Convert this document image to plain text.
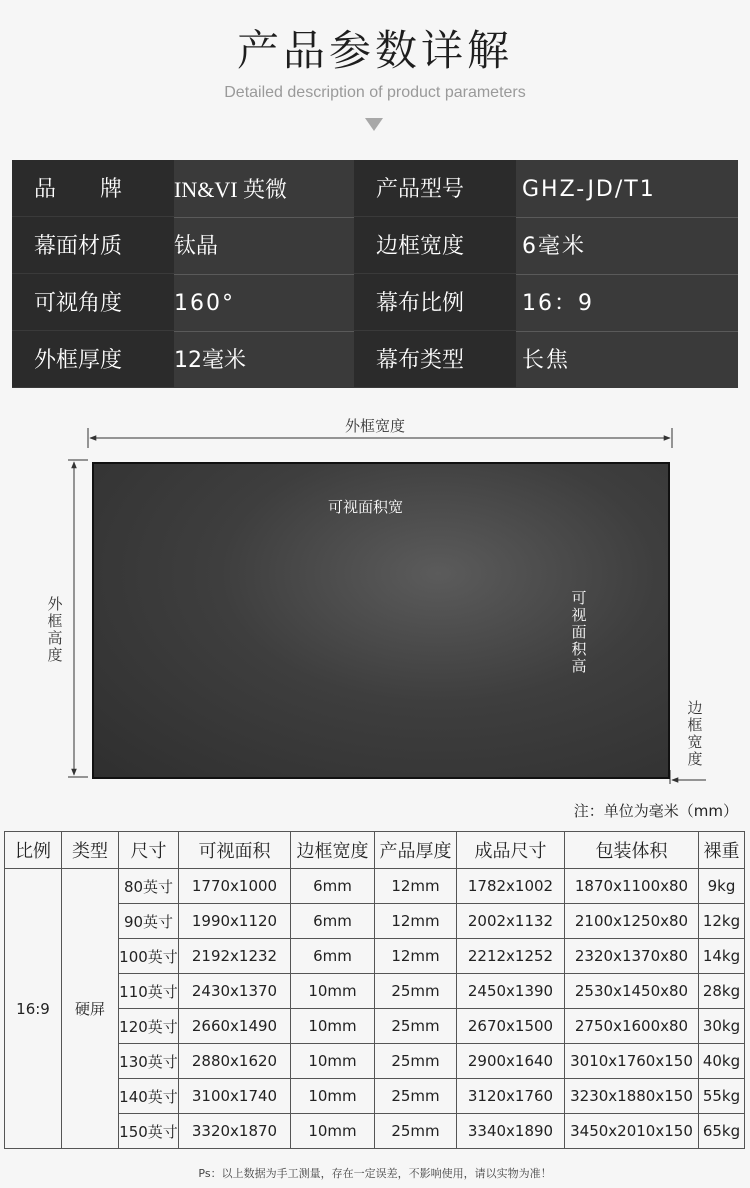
产品参数详解
Detailed description of product parameters
品　　牌	IN&VI 英微	产品型号	GHZ-JD/T1
幕面材质	钛晶	边框宽度	6毫米
可视角度	160°	幕布比例	16：9
外框厚度	12毫米	幕布类型	长焦
外框宽度
可视面积宽
外
框
高
度
可
视
面
积
高
边
框
宽
度
注：单位为毫米（mm）
比例	类型	尺寸	可视面积	边框宽度	产品厚度	成品尺寸	包装体积	裸重
16:9	硬屏	80英寸	1770x1000	6mm	12mm	1782x1002	1870x1100x80	9kg
		90英寸	1990x1120	6mm	12mm	2002x1132	2100x1250x80	12kg
		100英寸	2192x1232	6mm	12mm	2212x1252	2320x1370x80	14kg
		110英寸	2430x1370	10mm	25mm	2450x1390	2530x1450x80	28kg
		120英寸	2660x1490	10mm	25mm	2670x1500	2750x1600x80	30kg
		130英寸	2880x1620	10mm	25mm	2900x1640	3010x1760x150	40kg
		140英寸	3100x1740	10mm	25mm	3120x1760	3230x1880x150	55kg
		150英寸	3320x1870	10mm	25mm	3340x1890	3450x2010x150	65kg
Ps：以上数据为手工测量，存在一定误差，不影响使用，请以实物为准！
